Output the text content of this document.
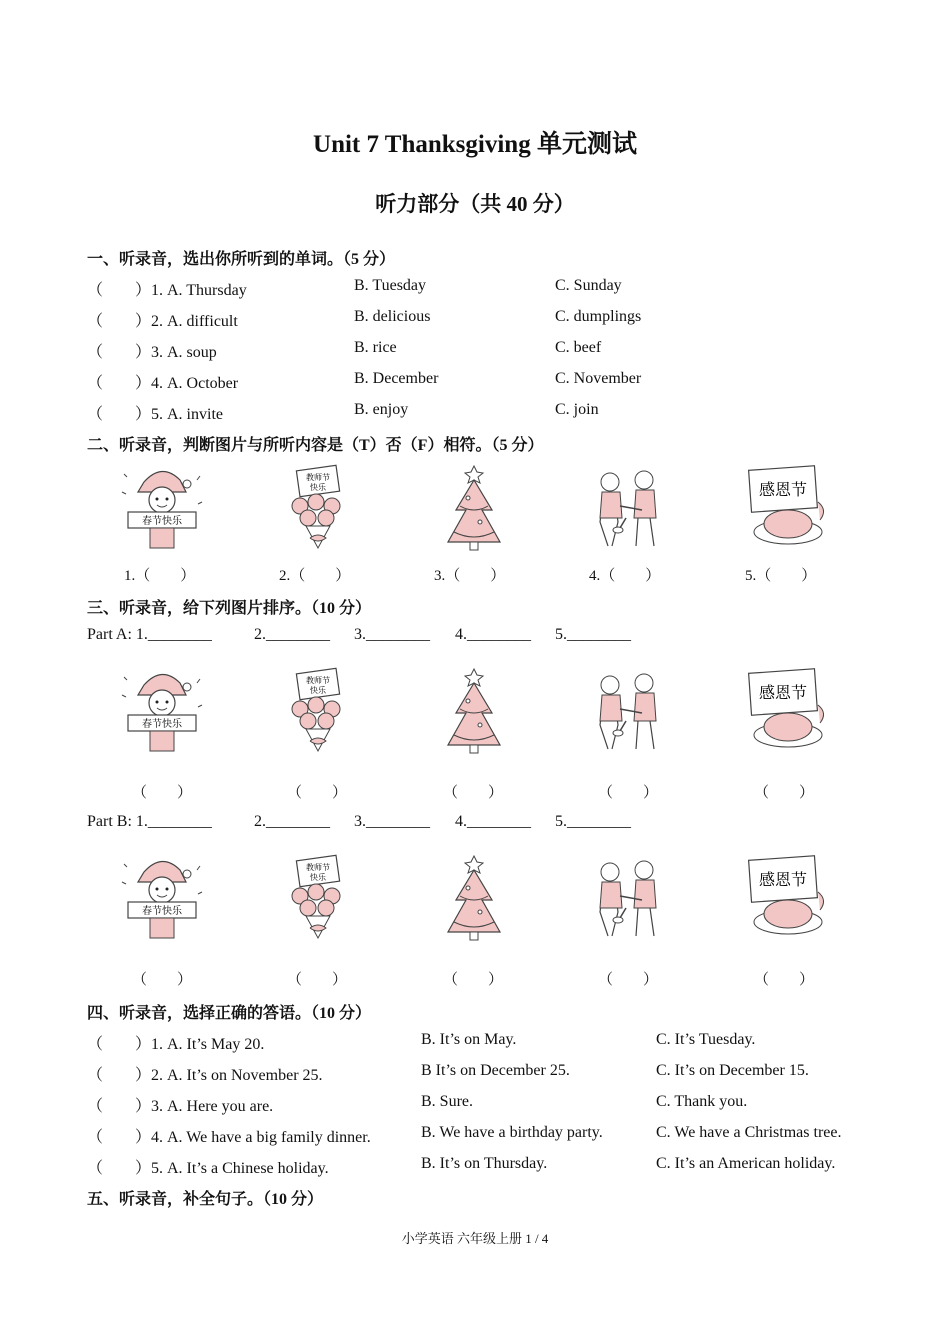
Unit 7 Thanksgiving 单元测试
听力部分（共 40 分）
一、听录音，选出你所听到的单词。（5 分）
（　　）1. A. Thursday	B. Tuesday	C. Sunday
（　　）2. A. difficult	B. delicious	C. dumplings
（　　）3. A. soup	B. rice	C. beef
（　　）4. A. October	B. December	C. November
（　　）5. A. invite	B. enjoy	C. join
二、听录音，判断图片与所听内容是（T）否（F）相符。（5 分）
春节快乐
教师节
快乐	感恩节
1.（　　）	2.（　　）	3.（　　）	4.（　　）	5.（　　）
三、听录音，给下列图片排序。（10 分）
Part A: 1.________	2.________ 3.________ 4.________ 5.________
春节快乐
教师节
快乐	感恩节
（　　）	（　　）	（　　）	（　　）	（　　）
Part B: 1.________	2.________ 3.________ 4.________ 5.________
春节快乐
教师节
快乐	感恩节
（　　）	（　　）	（　　）	（　　）	（　　）
四、听录音，选择正确的答语。（10 分）
（　　）1. A. It’s May 20.	B. It’s on May.	C. It’s Tuesday.
（　　）2. A. It’s on November 25.	B It’s on December 25.	C. It’s on December 15.
（　　）3. A. Here you are.	B. Sure.	C. Thank you.
（　　）4. A. We have a big family dinner.	B. We have a birthday party.	C. We have a Christmas tree.
（　　）5. A. It’s a Chinese holiday.	B. It’s on Thursday.	C. It’s an American holiday.
五、听录音，补全句子。（10 分）
小学英语 六年级上册 1 / 4
